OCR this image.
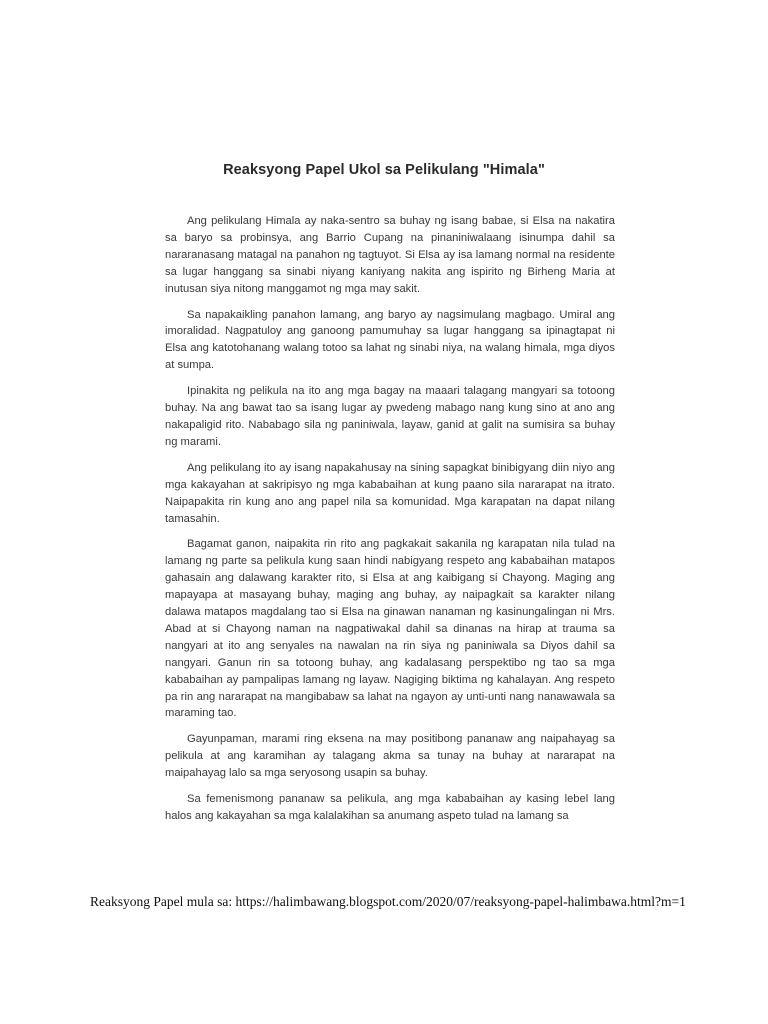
Reaksyong Papel Ukol sa Pelikulang "Himala"

Ang pelikulang Himala ay naka-sentro sa buhay ng isang babae, si Elsa na nakatira sa baryo sa probinsya, ang Barrio Cupang na pinaniniwalaang isinumpa dahil sa nararanasang matagal na panahon ng tagtuyot. Si Elsa ay isa lamang normal na residente sa lugar hanggang sa sinabi niyang kaniyang nakita ang ispirito ng Birheng Maria at inutusan siya nitong manggamot ng mga may sakit.

Sa napakaikling panahon lamang, ang baryo ay nagsimulang magbago. Umiral ang imoralidad. Nagpatuloy ang ganoong pamumuhay sa lugar hanggang sa ipinagtapat ni Elsa ang katotohanang walang totoo sa lahat ng sinabi niya, na walang himala, mga diyos at sumpa.

Ipinakita ng pelikula na ito ang mga bagay na maaari talagang mangyari sa totoong buhay. Na ang bawat tao sa isang lugar ay pwedeng mabago nang kung sino at ano ang nakapaligid rito. Nababago sila ng paniniwala, layaw, ganid at galit na sumisira sa buhay ng marami.

Ang pelikulang ito ay isang napakahusay na sining sapagkat binibigyang diin niyo ang mga kakayahan at sakripisyo ng mga kababaihan at kung paano sila nararapat na itrato. Naipapakita rin kung ano ang papel nila sa komunidad. Mga karapatan na dapat nilang tamasahin.

Bagamat ganon, naipakita rin rito ang pagkakait sakanila ng karapatan nila tulad na lamang ng parte sa pelikula kung saan hindi nabigyang respeto ang kababaihan matapos gahasain ang dalawang karakter rito, si Elsa at ang kaibigang si Chayong. Maging ang mapayapa at masayang buhay, maging ang buhay, ay naipagkait sa karakter nilang dalawa matapos magdalang tao si Elsa na ginawan nanaman ng kasinungalingan ni Mrs. Abad at si Chayong naman na nagpatiwakal dahil sa dinanas na hirap at trauma sa nangyari at ito ang senyales na nawalan na rin siya ng paniniwala sa Diyos dahil sa nangyari. Ganun rin sa totoong buhay, ang kadalasang perspektibo ng tao sa mga kababaihan ay pampalipas lamang ng layaw. Nagiging biktima ng kahalayan. Ang respeto pa rin ang nararapat na mangibabaw sa lahat na ngayon ay unti-unti nang nanawawala sa maraming tao.

Gayunpaman, marami ring eksena na may positibong pananaw ang naipahayag sa pelikula at ang karamihan ay talagang akma sa tunay na buhay at nararapat na maipahayag lalo sa mga seryosong usapin sa buhay.

Sa femenismong pananaw sa pelikula, ang mga kababaihan ay kasing lebel lang halos ang kakayahan sa mga kalalakihan sa anumang aspeto tulad na lamang sa

Reaksyong Papel mula sa: https://halimbawang.blogspot.com/2020/07/reaksyong-papel-halimbawa.html?m=1
